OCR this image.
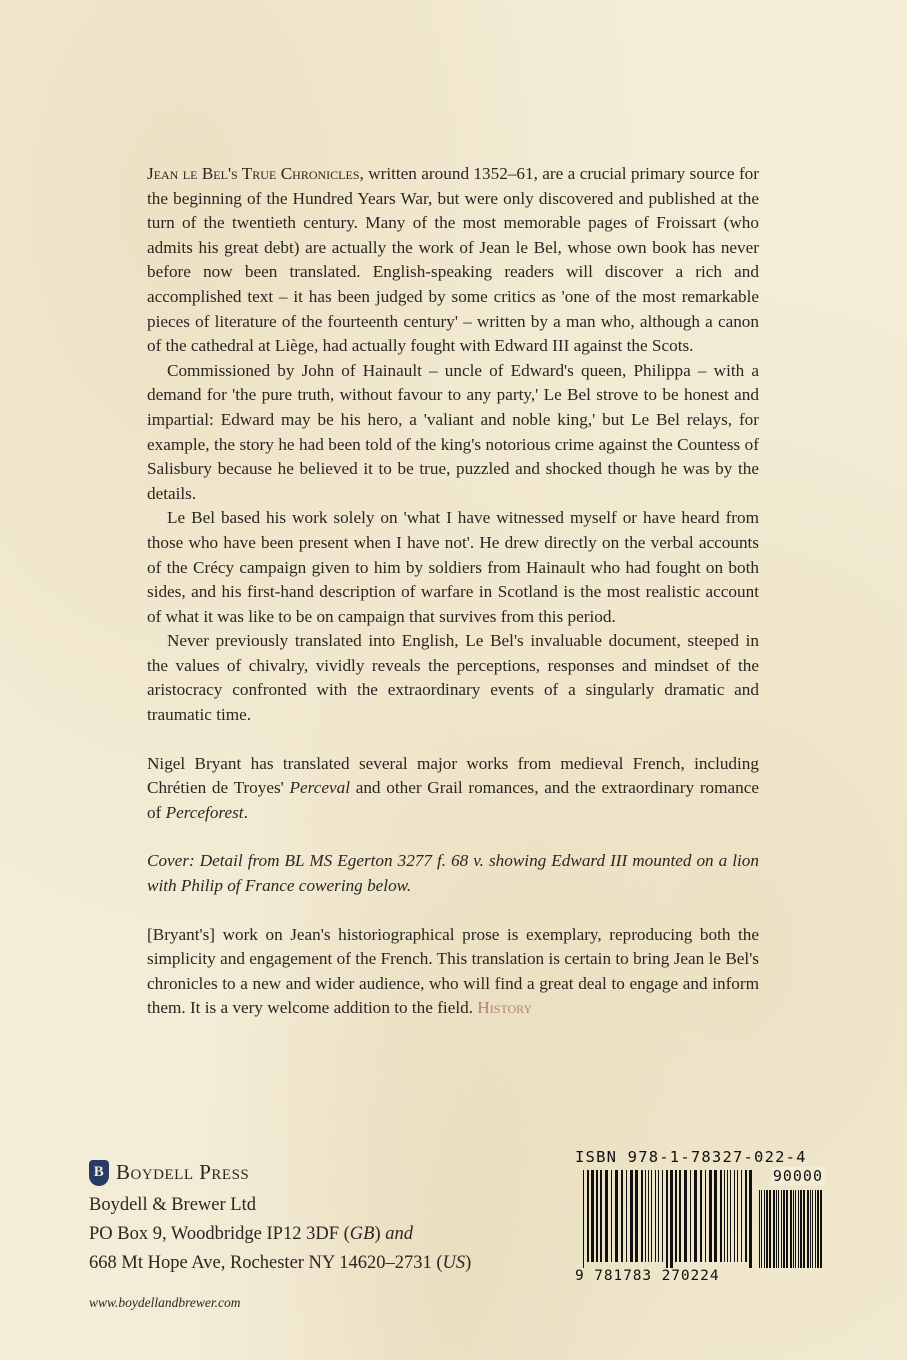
Jean le Bel's True Chronicles, written around 1352–61, are a crucial primary source for the beginning of the Hundred Years War, but were only discovered and published at the turn of the twentieth century. Many of the most memorable pages of Froissart (who admits his great debt) are actually the work of Jean le Bel, whose own book has never before now been translated. English-speaking readers will discover a rich and accomplished text – it has been judged by some critics as 'one of the most remarkable pieces of literature of the fourteenth century' – written by a man who, although a canon of the cathedral at Liège, had actually fought with Edward III against the Scots.

Commissioned by John of Hainault – uncle of Edward's queen, Philippa – with a demand for 'the pure truth, without favour to any party,' Le Bel strove to be honest and impartial: Edward may be his hero, a 'valiant and noble king,' but Le Bel relays, for example, the story he had been told of the king's notorious crime against the Countess of Salisbury because he believed it to be true, puzzled and shocked though he was by the details.

Le Bel based his work solely on 'what I have witnessed myself or have heard from those who have been present when I have not'. He drew directly on the verbal accounts of the Crécy campaign given to him by soldiers from Hainault who had fought on both sides, and his first-hand description of warfare in Scotland is the most realistic account of what it was like to be on campaign that survives from this period.

Never previously translated into English, Le Bel's invaluable document, steeped in the values of chivalry, vividly reveals the perceptions, responses and mindset of the aristocracy confronted with the extraordinary events of a singularly dramatic and traumatic time.

Nigel Bryant has translated several major works from medieval French, including Chrétien de Troyes' Perceval and other Grail romances, and the extraordinary romance of Perceforest.

Cover: Detail from BL MS Egerton 3277 f. 68 v. showing Edward III mounted on a lion with Philip of France cowering below.

[Bryant's] work on Jean's historiographical prose is exemplary, reproducing both the simplicity and engagement of the French. This translation is certain to bring Jean le Bel's chronicles to a new and wider audience, who will find a great deal to engage and inform them. It is a very welcome addition to the field. History

B Boydell Press
Boydell & Brewer Ltd
PO Box 9, Woodbridge IP12 3DF (GB) and
668 Mt Hope Ave, Rochester NY 14620–2731 (US)
www.boydellandbrewer.com
ISBN 978-1-78327-022-4
90000
9 781783 270224
